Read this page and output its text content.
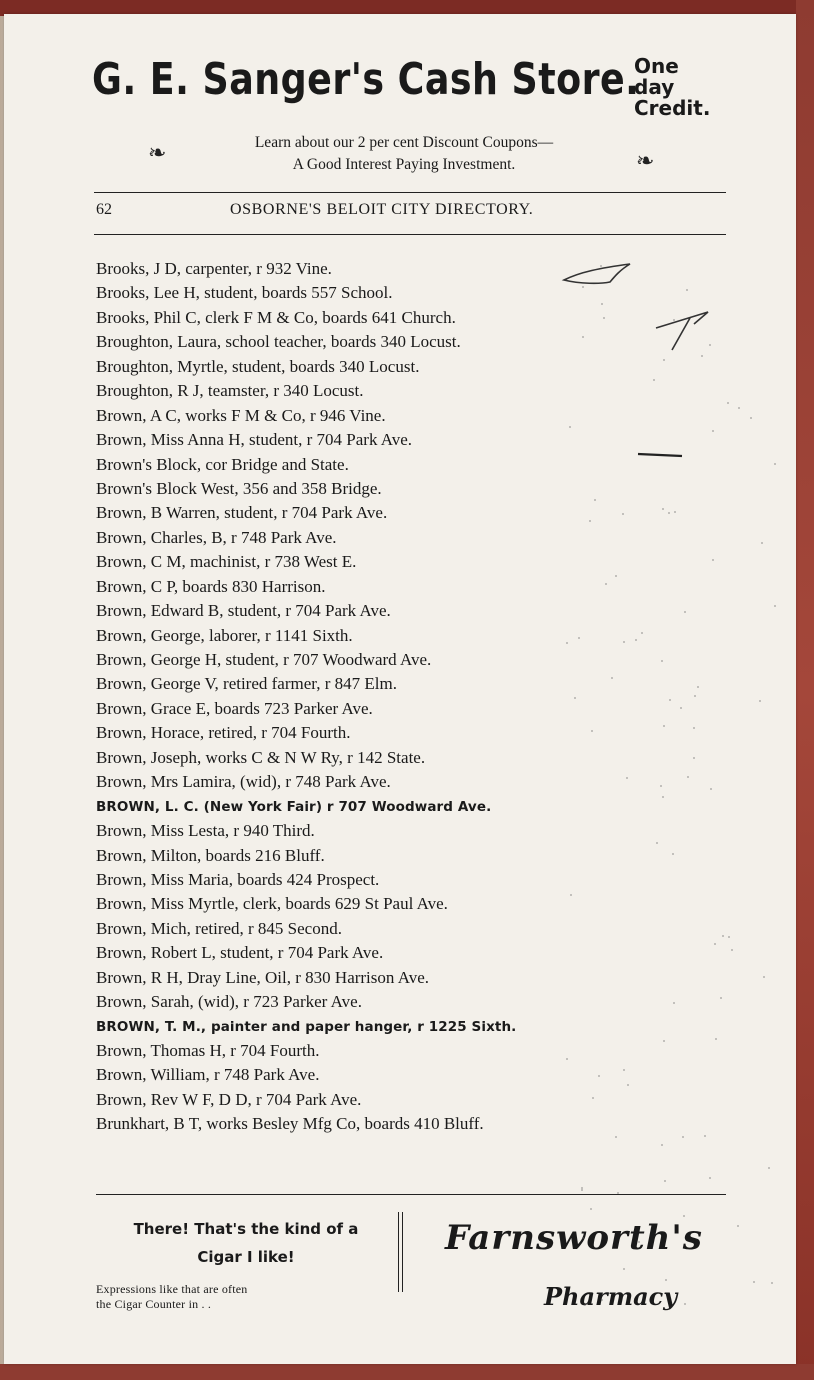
G. E. Sanger's Cash Store.
One day
Credit.
❧	Learn about our 2 per cent Discount Coupons—
A Good Interest Paying Investment.	❧
62	OSBORNE'S BELOIT CITY DIRECTORY.
Brooks, J D, carpenter, r 932 Vine.
Brooks, Lee H, student, boards 557 School.
Brooks, Phil C, clerk F M & Co, boards 641 Church.
Broughton, Laura, school teacher, boards 340 Locust.
Broughton, Myrtle, student, boards 340 Locust.
Broughton, R J, teamster, r 340 Locust.
Brown, A C, works F M & Co, r 946 Vine.
Brown, Miss Anna H, student, r 704 Park Ave.
Brown's Block, cor Bridge and State.
Brown's Block West, 356 and 358 Bridge.
Brown, B Warren, student, r 704 Park Ave.
Brown, Charles, B, r 748 Park Ave.
Brown, C M, machinist, r 738 West E.
Brown, C P, boards 830 Harrison.
Brown, Edward B, student, r 704 Park Ave.
Brown, George, laborer, r 1141 Sixth.
Brown, George H, student, r 707 Woodward Ave.
Brown, George V, retired farmer, r 847 Elm.
Brown, Grace E, boards 723 Parker Ave.
Brown, Horace, retired, r 704 Fourth.
Brown, Joseph, works C & N W Ry, r 142 State.
Brown, Mrs Lamira, (wid), r 748 Park Ave.
BROWN, L. C. (New York Fair) r 707 Woodward Ave.
Brown, Miss Lesta, r 940 Third.
Brown, Milton, boards 216 Bluff.
Brown, Miss Maria, boards 424 Prospect.
Brown, Miss Myrtle, clerk, boards 629 St Paul Ave.
Brown, Mich, retired, r 845 Second.
Brown, Robert L, student, r 704 Park Ave.
Brown, R H, Dray Line, Oil, r 830 Harrison Ave.
Brown, Sarah, (wid), r 723 Parker Ave.
BROWN, T. M., painter and paper hanger, r 1225 Sixth.
Brown, Thomas H, r 704 Fourth.
Brown, William, r 748 Park Ave.
Brown, Rev W F, D D, r 704 Park Ave.
Brunkhart, B T, works Besley Mfg Co, boards 410 Bluff.
There! That's the kind of a
Cigar I like!
Expressions like that are often
the Cigar Counter in . .
Farnsworth's
Pharmacy
